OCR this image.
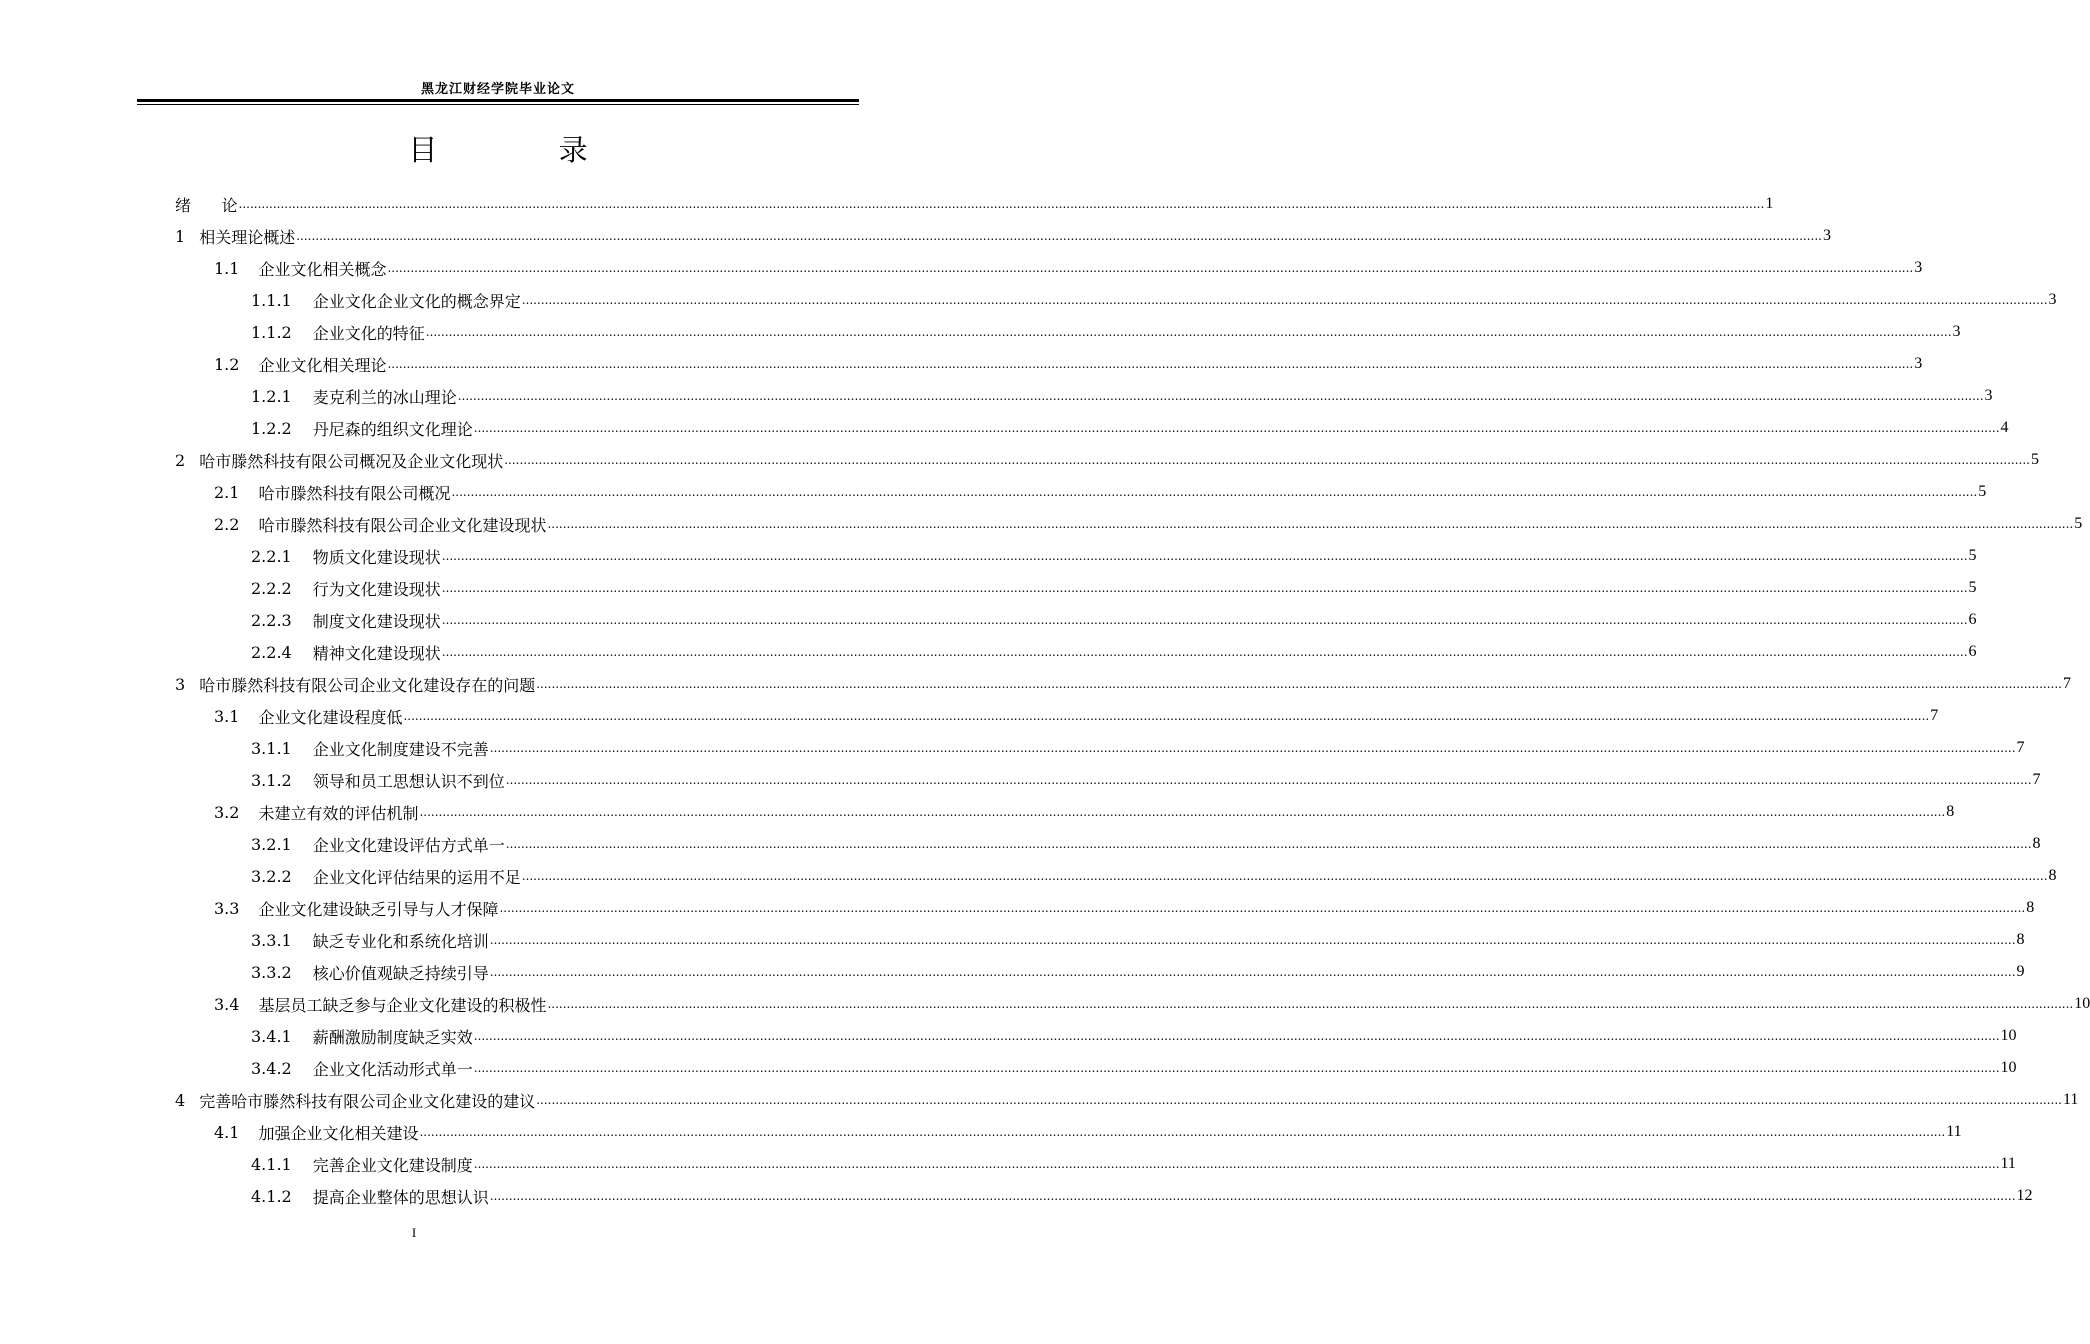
黑龙江财经学院毕业论文
目 录
绪      论 ................................................................................................................................................................................................................................................................................................................................................................................................................ 1
1 相关理论概述 ................................................................................................................................................................................................................................................................................................................................................................................................................ 3
1.1 企业文化相关概念 ................................................................................................................................................................................................................................................................................................................................................................................................................ 3
1.1.1 企业文化企业文化的概念界定 ................................................................................................................................................................................................................................................................................................................................................................................................................ 3
1.1.2 企业文化的特征 ................................................................................................................................................................................................................................................................................................................................................................................................................ 3
1.2 企业文化相关理论 ................................................................................................................................................................................................................................................................................................................................................................................................................ 3
1.2.1 麦克利兰的冰山理论 ................................................................................................................................................................................................................................................................................................................................................................................................................ 3
1.2.2 丹尼森的组织文化理论 ................................................................................................................................................................................................................................................................................................................................................................................................................ 4
2 哈市滕然科技有限公司概况及企业文化现状 ................................................................................................................................................................................................................................................................................................................................................................................................................ 5
2.1 哈市滕然科技有限公司概况 ................................................................................................................................................................................................................................................................................................................................................................................................................ 5
2.2 哈市滕然科技有限公司企业文化建设现状 ................................................................................................................................................................................................................................................................................................................................................................................................................ 5
2.2.1 物质文化建设现状 ................................................................................................................................................................................................................................................................................................................................................................................................................ 5
2.2.2 行为文化建设现状 ................................................................................................................................................................................................................................................................................................................................................................................................................ 5
2.2.3 制度文化建设现状 ................................................................................................................................................................................................................................................................................................................................................................................................................ 6
2.2.4 精神文化建设现状 ................................................................................................................................................................................................................................................................................................................................................................................................................ 6
3 哈市滕然科技有限公司企业文化建设存在的问题 ................................................................................................................................................................................................................................................................................................................................................................................................................ 7
3.1 企业文化建设程度低 ................................................................................................................................................................................................................................................................................................................................................................................................................ 7
3.1.1 企业文化制度建设不完善 ................................................................................................................................................................................................................................................................................................................................................................................................................ 7
3.1.2 领导和员工思想认识不到位 ................................................................................................................................................................................................................................................................................................................................................................................................................ 7
3.2 未建立有效的评估机制 ................................................................................................................................................................................................................................................................................................................................................................................................................ 8
3.2.1 企业文化建设评估方式单一 ................................................................................................................................................................................................................................................................................................................................................................................................................ 8
3.2.2 企业文化评估结果的运用不足 ................................................................................................................................................................................................................................................................................................................................................................................................................ 8
3.3 企业文化建设缺乏引导与人才保障 ................................................................................................................................................................................................................................................................................................................................................................................................................ 8
3.3.1 缺乏专业化和系统化培训 ................................................................................................................................................................................................................................................................................................................................................................................................................ 8
3.3.2 核心价值观缺乏持续引导 ................................................................................................................................................................................................................................................................................................................................................................................................................ 9
3.4 基层员工缺乏参与企业文化建设的积极性 ................................................................................................................................................................................................................................................................................................................................................................................................................ 10
3.4.1 薪酬激励制度缺乏实效 ................................................................................................................................................................................................................................................................................................................................................................................................................ 10
3.4.2 企业文化活动形式单一 ................................................................................................................................................................................................................................................................................................................................................................................................................ 10
4 完善哈市滕然科技有限公司企业文化建设的建议 ................................................................................................................................................................................................................................................................................................................................................................................................................ 11
4.1 加强企业文化相关建设 ................................................................................................................................................................................................................................................................................................................................................................................................................ 11
4.1.1 完善企业文化建设制度 ................................................................................................................................................................................................................................................................................................................................................................................................................ 11
4.1.2 提高企业整体的思想认识 ................................................................................................................................................................................................................................................................................................................................................................................................................ 12
I
